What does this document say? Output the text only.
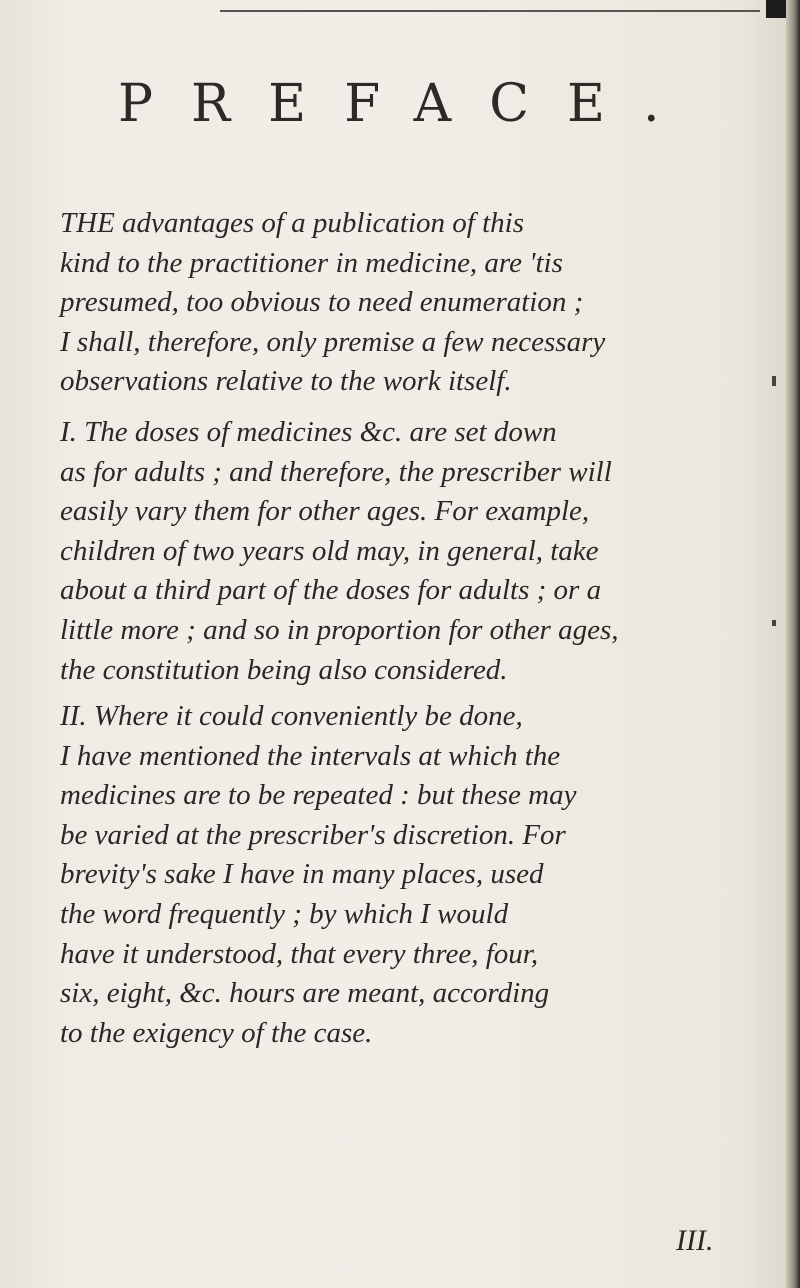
PREFACE.
THE advantages of a publication of this
kind to the practitioner in medicine, are 'tis
presumed, too obvious to need enumeration ;
I shall, therefore, only premise a few necessary
observations relative to the work itself.
I. The doses of medicines &c. are set down
as for adults ; and therefore, the prescriber will
easily vary them for other ages. For example,
children of two years old may, in general, take
about a third part of the doses for adults ; or a
little more ; and so in proportion for other ages,
the constitution being also considered.
II. Where it could conveniently be done,
I have mentioned the intervals at which the
medicines are to be repeated : but these may
be varied at the prescriber's discretion. For
brevity's sake I have in many places, used
the word frequently ; by which I would
have it understood, that every three, four,
six, eight, &c. hours are meant, according
to the exigency of the case.
III.
